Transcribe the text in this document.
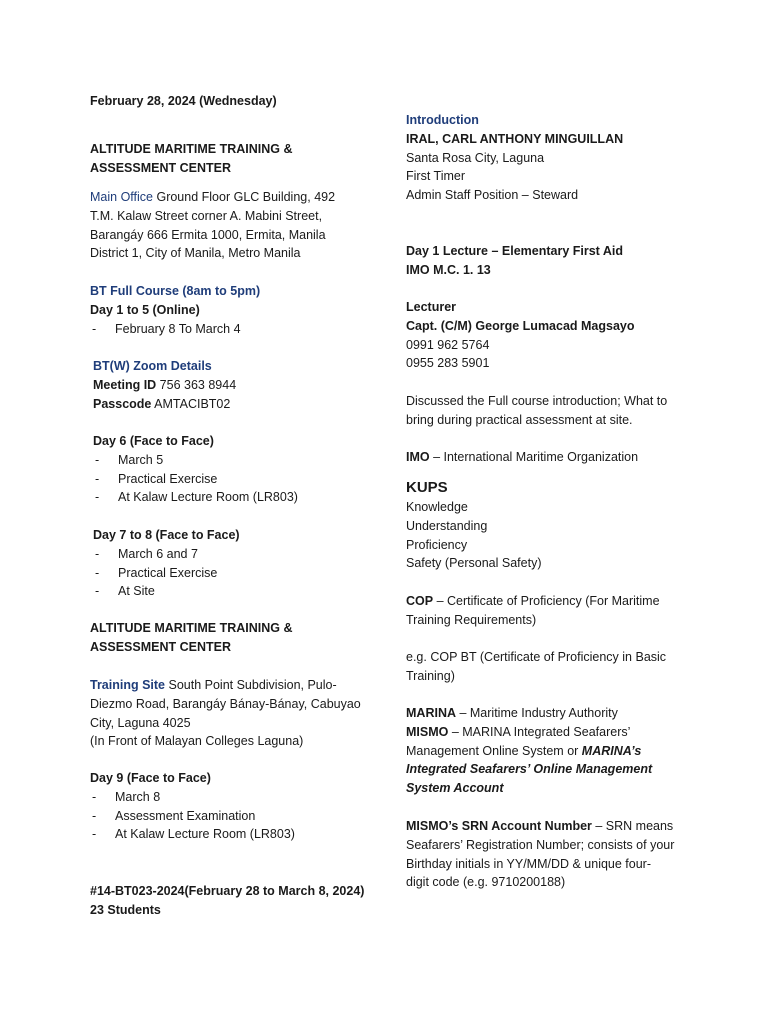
February 28, 2024 (Wednesday)
ALTITUDE MARITIME TRAINING &
ASSESSMENT CENTER
Main Office Ground Floor GLC Building, 492
T.M. Kalaw Street corner A. Mabini Street,
Barangáy 666 Ermita 1000, Ermita, Manila
District 1, City of Manila, Metro Manila
BT Full Course (8am to 5pm)
Day 1 to 5 (Online)
- February 8 To March 4
BT(W) Zoom Details
Meeting ID 756 363 8944
Passcode AMTACIBT02
Day 6 (Face to Face)
- March 5
- Practical Exercise
- At Kalaw Lecture Room (LR803)
Day 7 to 8 (Face to Face)
- March 6 and 7
- Practical Exercise
- At Site
ALTITUDE MARITIME TRAINING &
ASSESSMENT CENTER
Training Site South Point Subdivision, Pulo-
Diezmo Road, Barangáy Bánay-Bánay, Cabuyao
City, Laguna 4025
(In Front of Malayan Colleges Laguna)
Day 9 (Face to Face)
- March 8
- Assessment Examination
- At Kalaw Lecture Room (LR803)
#14-BT023-2024(February 28 to March 8, 2024)
23 Students
Introduction
IRAL, CARL ANTHONY MINGUILLAN
Santa Rosa City, Laguna
First Timer
Admin Staff Position – Steward
Day 1 Lecture – Elementary First Aid
IMO M.C. 1. 13
Lecturer
Capt. (C/M) George Lumacad Magsayo
0991 962 5764
0955 283 5901
Discussed the Full course introduction; What to
bring during practical assessment at site.
IMO – International Maritime Organization
KUPS
Knowledge
Understanding
Proficiency
Safety (Personal Safety)
COP – Certificate of Proficiency (For Maritime
Training Requirements)
e.g. COP BT (Certificate of Proficiency in Basic
Training)
MARINA – Maritime Industry Authority
MISMO – MARINA Integrated Seafarers’
Management Online System or MARINA’s
Integrated Seafarers’ Online Management
System Account
MISMO’s SRN Account Number – SRN means
Seafarers’ Registration Number; consists of your
Birthday initials in YY/MM/DD & unique four-
digit code (e.g. 9710200188)
